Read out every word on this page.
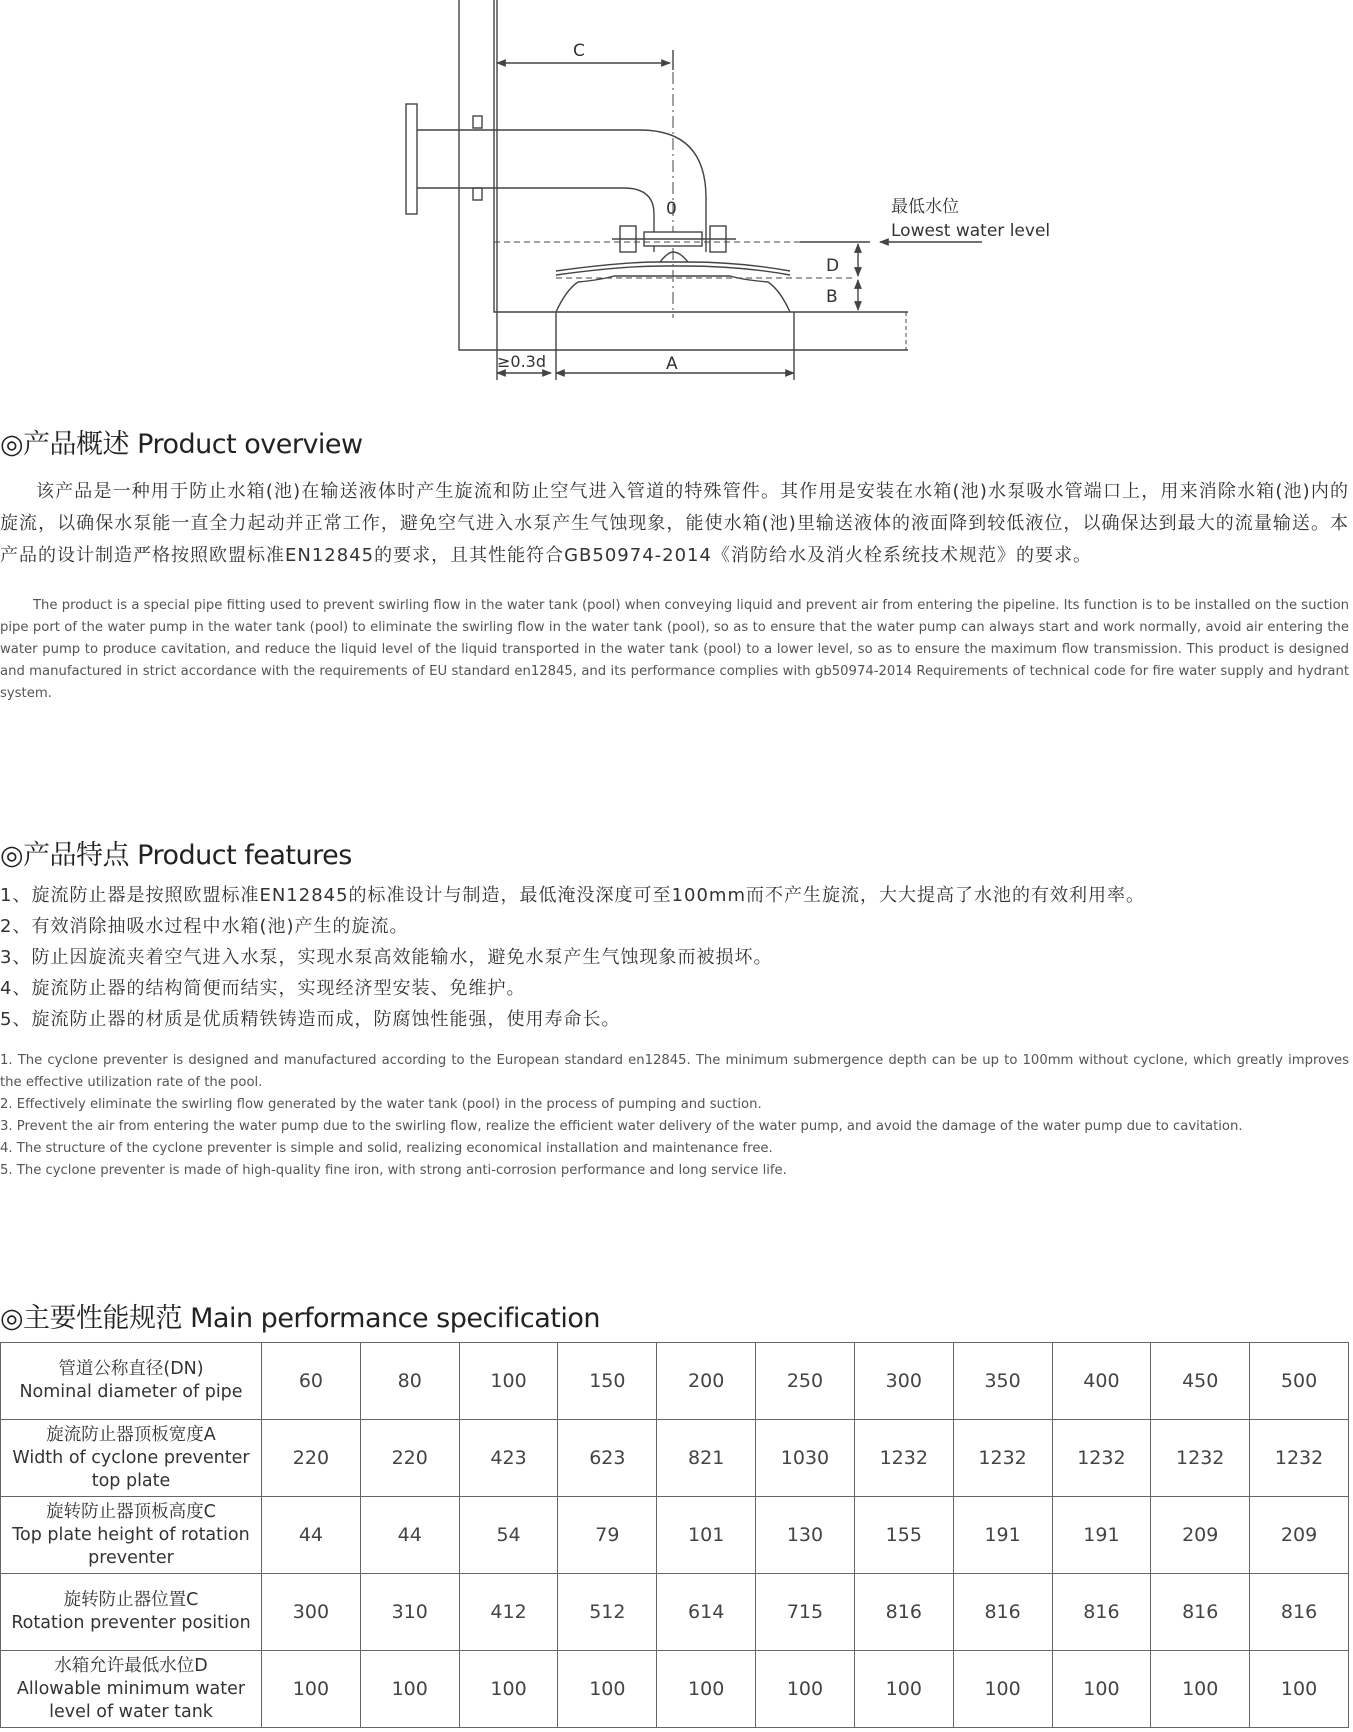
C
0	最低水位
Lowest water level
D
B
≥0.3d	A
◎产品概述 Product overview

该产品是一种用于防止水箱(池)在输送液体时产生旋流和防止空气进入管道的特殊管件。其作用是安装在水箱(池)水泵吸水管端口上，用来消除水箱(池)内的旋流，以确保水泵能一直全力起动并正常工作，避免空气进入水泵产生气蚀现象，能使水箱(池)里输送液体的液面降到较低液位，以确保达到最大的流量输送。本产品的设计制造严格按照欧盟标准EN12845的要求，且其性能符合GB50974-2014《消防给水及消火栓系统技术规范》的要求。

The product is a special pipe fitting used to prevent swirling flow in the water tank (pool) when conveying liquid and prevent air from entering the pipeline. Its function is to be installed on the suction pipe port of the water pump in the water tank (pool) to eliminate the swirling flow in the water tank (pool), so as to ensure that the water pump can always start and work normally, avoid air entering the water pump to produce cavitation, and reduce the liquid level of the liquid transported in the water tank (pool) to a lower level, so as to ensure the maximum flow transmission. This product is designed and manufactured in strict accordance with the requirements of EU standard en12845, and its performance complies with gb50974-2014 Requirements of technical code for fire water supply and hydrant system.

◎产品特点 Product features
1、旋流防止器是按照欧盟标准EN12845的标准设计与制造，最低淹没深度可至100mm而不产生旋流，大大提高了水池的有效利用率。
2、有效消除抽吸水过程中水箱(池)产生的旋流。
3、防止因旋流夹着空气进入水泵，实现水泵高效能输水，避免水泵产生气蚀现象而被损坏。
4、旋流防止器的结构简便而结实，实现经济型安装、免维护。
5、旋流防止器的材质是优质精铁铸造而成，防腐蚀性能强，使用寿命长。
1. The cyclone preventer is designed and manufactured according to the European standard en12845. The minimum submergence depth can be up to 100mm without cyclone, which greatly improves the effective utilization rate of the pool.
2. Effectively eliminate the swirling flow generated by the water tank (pool) in the process of pumping and suction.
3. Prevent the air from entering the water pump due to the swirling flow, realize the efficient water delivery of the water pump, and avoid the damage of the water pump due to cavitation.
4. The structure of the cyclone preventer is simple and solid, realizing economical installation and maintenance free.
5. The cyclone preventer is made of high-quality fine iron, with strong anti-corrosion performance and long service life.
◎主要性能规范 Main performance specification
管道公称直径(DN)
Nominal diameter of pipe	60	80	100	150	200	250	300	350	400	450	500

旋流防止器顶板宽度A
Width of cyclone preventer top plate	220	220	423	623	821	1030	1232	1232	1232	1232	1232

旋转防止器顶板高度C
Top plate height of rotation preventer	44	44	54	79	101	130	155	191	191	209	209

旋转防止器位置C
Rotation preventer position	300	310	412	512	614	715	816	816	816	816	816

水箱允许最低水位D
Allowable minimum water level of water tank	100	100	100	100	100	100	100	100	100	100	100
